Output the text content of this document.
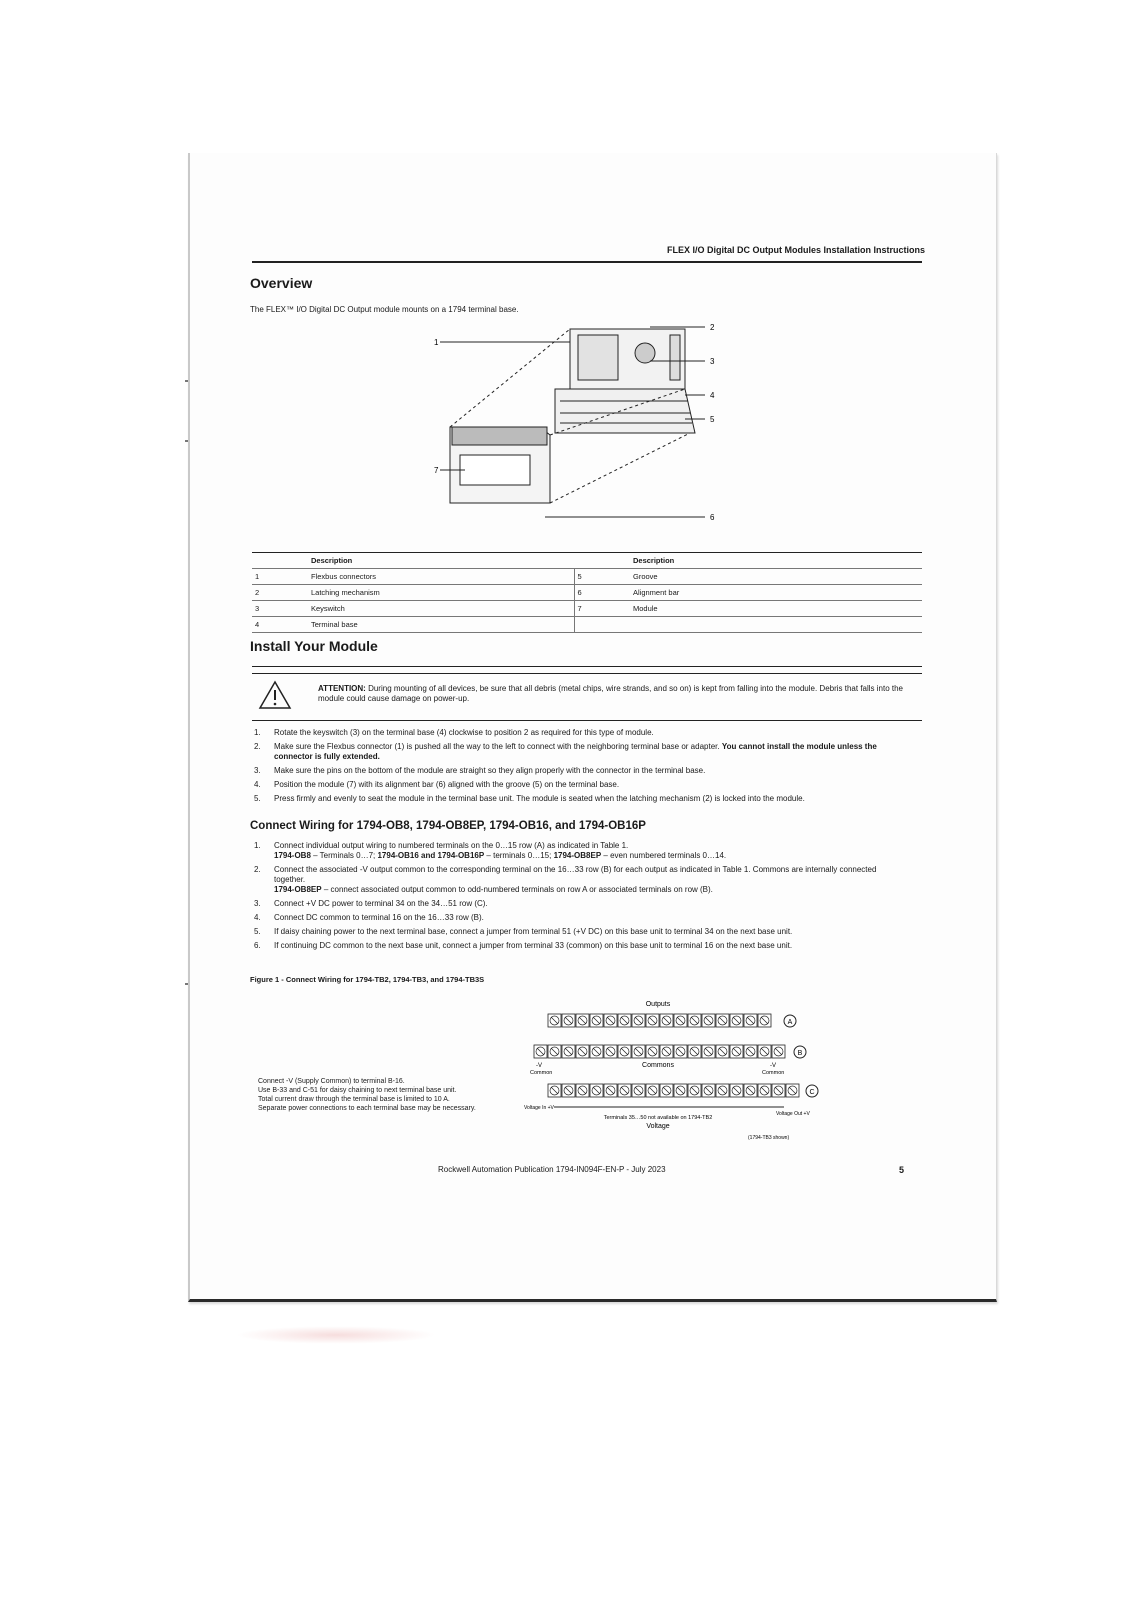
FLEX I/O Digital DC Output Modules Installation Instructions
Overview
The FLEX™ I/O Digital DC Output module mounts on a 1794 terminal base.
1
2
3
4
5
6
7
	Description		Description
1	Flexbus connectors	5	Groove
2	Latching mechanism	6	Alignment bar
3	Keyswitch	7	Module
4	Terminal base		
Install Your Module
ATTENTION: During mounting of all devices, be sure that all debris (metal chips, wire strands, and so on) is kept from falling into the module. Debris that falls into the module could cause damage on power-up.
1.	Rotate the keyswitch (3) on the terminal base (4) clockwise to position 2 as required for this type of module.
2.	Make sure the Flexbus connector (1) is pushed all the way to the left to connect with the neighboring terminal base or adapter. You cannot install the module unless the connector is fully extended.
3.	Make sure the pins on the bottom of the module are straight so they align properly with the connector in the terminal base.
4.	Position the module (7) with its alignment bar (6) aligned with the groove (5) on the terminal base.
5.	Press firmly and evenly to seat the module in the terminal base unit. The module is seated when the latching mechanism (2) is locked into the module.
Connect Wiring for 1794-OB8, 1794-OB8EP, 1794-OB16, and 1794-OB16P
1.	Connect individual output wiring to numbered terminals on the 0…15 row (A) as indicated in Table 1.
1794-OB8 – Terminals 0…7; 1794-OB16 and 1794-OB16P – terminals 0…15; 1794-OB8EP – even numbered terminals 0…14.
2.	Connect the associated -V output common to the corresponding terminal on the 16…33 row (B) for each output as indicated in Table 1. Commons are internally connected together.
1794-OB8EP – connect associated output common to odd-numbered terminals on row A or associated terminals on row (B).
3.	Connect +V DC power to terminal 34 on the 34…51 row (C).
4.	Connect DC common to terminal 16 on the 16…33 row (B).
5.	If daisy chaining power to the next terminal base, connect a jumper from terminal 51 (+V DC) on this base unit to terminal 34 on the next base unit.
6.	If continuing DC common to the next base unit, connect a jumper from terminal 33 (common) on this base unit to terminal 16 on the next base unit.
Figure 1 - Connect Wiring for 1794-TB2, 1794-TB3, and 1794-TB3S
Connect -V (Supply Common) to terminal B-16.
Use B-33 and C-51 for daisy chaining to next terminal base unit.
Total current draw through the terminal base is limited to 10 A.
Separate power connections to each terminal base may be necessary.
Outputs
A
B
Commons
-V
Common
-V
Common
C
Voltage In +V
Voltage Out +V
Terminals 35…50 not available on 1794-TB2
Voltage
(1794-TB3 shown)
Rockwell Automation Publication 1794-IN094F-EN-P - July 2023	5
